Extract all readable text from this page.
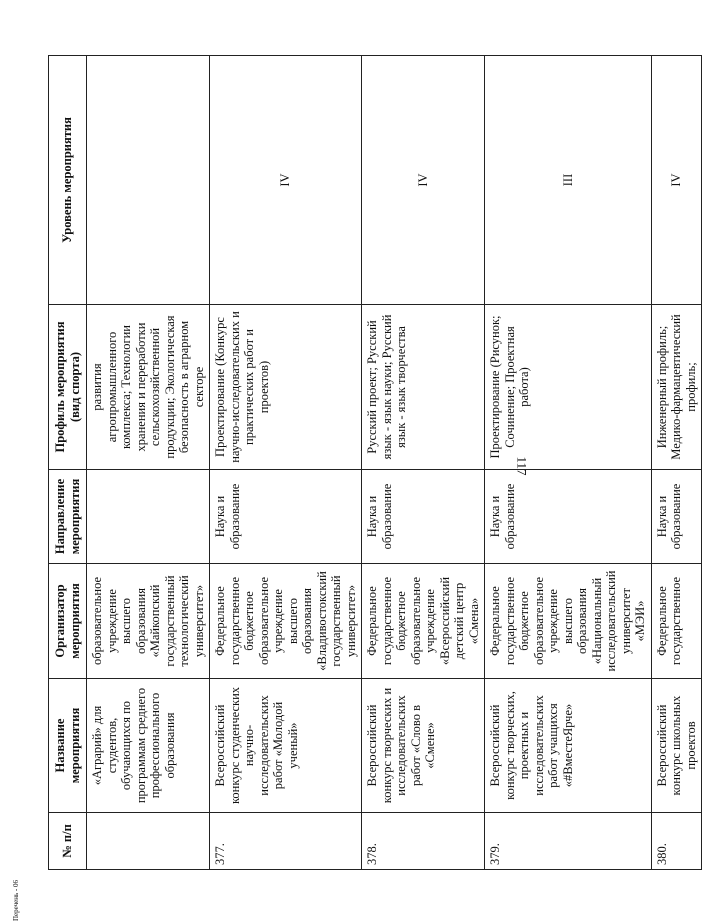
117
№ п/п	Название мероприятия	Организатор мероприятия	Направление мероприятия	Профиль мероприятия (вид спорта)	Уровень мероприятия
	«Аграрий» для студентов, обучающихся по программам среднего профессионального образования	образовательное учреждение высшего образования «Майкопский государственный технологический университет»		развития агропромышленного комплекса; Технологии хранения и переработки сельскохозяйственной продукции; Экологическая безопасность в аграрном секторе	
377.	Всероссийский конкурс студенческих научно-исследовательских работ «Молодой ученый»	Федеральное государственное бюджетное образовательное учреждение высшего образования «Владивостокский государственный университет»	Наука и образование	Проектирование (Конкурс научно-исследовательских и практических работ и проектов)	IV
378.	Всероссийский конкурс творческих и исследовательских работ «Слово в «Смене»	Федеральное государственное бюджетное образовательное учреждение «Всероссийский детский центр «Смена»	Наука и образование	Русский проект; Русский язык - язык науки; Русский язык - язык творчества	IV
379.	Всероссийский конкурс творческих, проектных и исследовательских работ учащихся «#ВместеЯрче»	Федеральное государственное бюджетное образовательное учреждение высшего образования «Национальный исследовательский университет «МЭИ»	Наука и образование	Проектирование (Рисунок; Сочинение; Проектная работа)	III
380.	Всероссийский конкурс школьных проектов	Федеральное государственное	Наука и образование	Инженерный профиль; Медико-фармацевтический профиль;	IV
Перечень - 06
